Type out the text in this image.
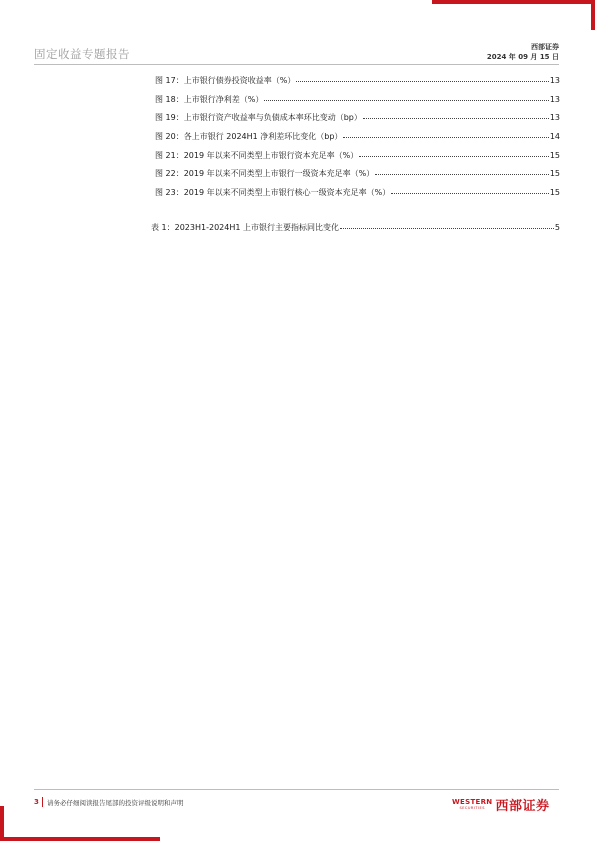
固定收益专题报告	西部证券
2024 年 09 月 15 日
图 17：上市银行债券投资收益率（%）	13
图 18：上市银行净利差（%）	13
图 19：上市银行资产收益率与负债成本率环比变动（bp）	13
图 20：各上市银行 2024H1 净利差环比变化（bp）	14
图 21：2019 年以来不同类型上市银行资本充足率（%）	15
图 22：2019 年以来不同类型上市银行一级资本充足率（%）	15
图 23：2019 年以来不同类型上市银行核心一级资本充足率（%）	15
表 1：2023H1-2024H1 上市银行主要指标同比变化	5
3 请务必仔细阅读报告尾部的投资评级说明和声明	WESTERN
SECURITIES 西部证券
